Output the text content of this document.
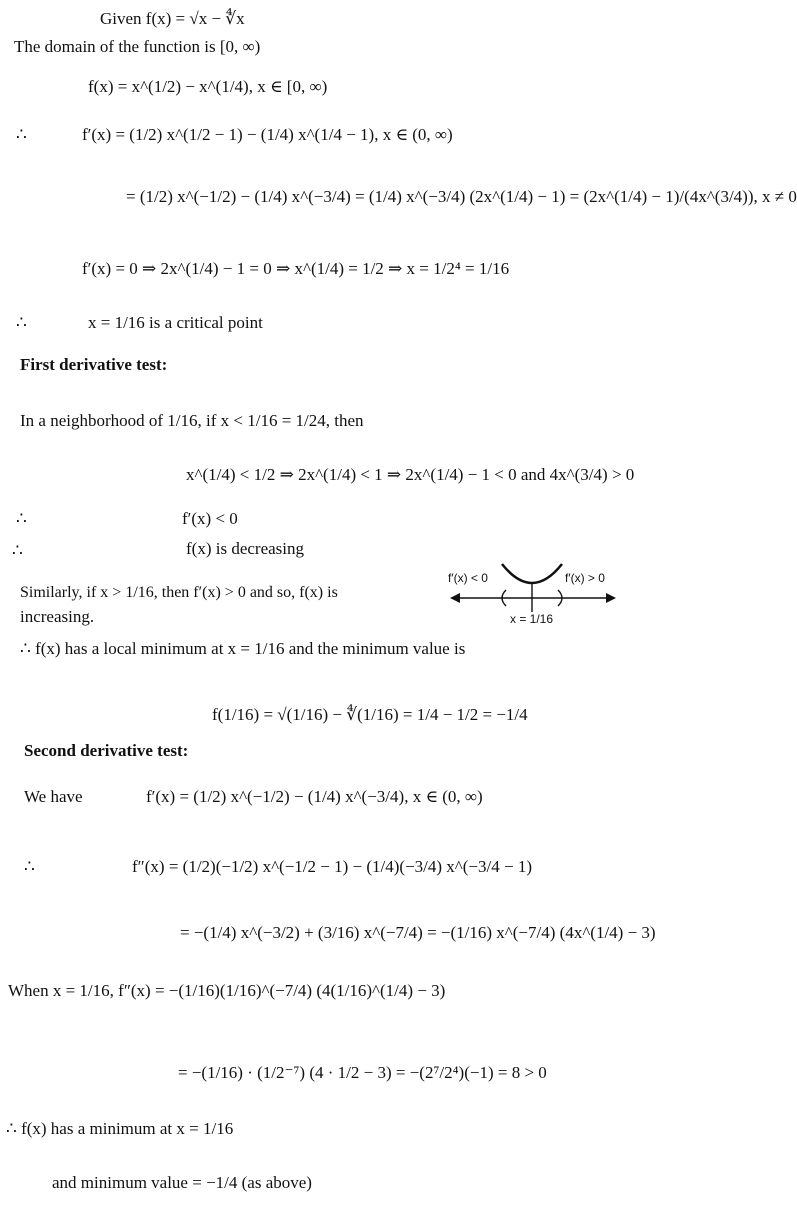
Given f(x) = √x − ∜x
The domain of the function is [0, ∞)
f(x) = x^(1/2) − x^(1/4), x ∈ [0, ∞)
∴	f′(x) = (1/2) x^(1/2 − 1) − (1/4) x^(1/4 − 1), x ∈ (0, ∞)
= (1/2) x^(−1/2) − (1/4) x^(−3/4) = (1/4) x^(−3/4) (2x^(1/4) − 1) = (2x^(1/4) − 1)/(4x^(3/4)), x ≠ 0
f′(x) = 0 ⇒ 2x^(1/4) − 1 = 0 ⇒ x^(1/4) = 1/2 ⇒ x = 1/2⁴ = 1/16
∴	x = 1/16 is a critical point
First derivative test:
In a neighborhood of 1/16, if x < 1/16 = 1/24, then
x^(1/4) < 1/2 ⇒ 2x^(1/4) < 1 ⇒ 2x^(1/4) − 1 < 0 and 4x^(3/4) > 0
∴	f′(x) < 0
∴	f(x) is decreasing
Similarly, if x > 1/16, then f′(x) > 0 and so, f(x) is
increasing.
f′(x) < 0	f′(x) > 0
x = 1/16
∴ f(x) has a local minimum at x = 1/16 and the minimum value is
f(1/16) = √(1/16) − ∜(1/16) = 1/4 − 1/2 = −1/4
Second derivative test:
We have	f′(x) = (1/2) x^(−1/2) − (1/4) x^(−3/4), x ∈ (0, ∞)
∴	f″(x) = (1/2)(−1/2) x^(−1/2 − 1) − (1/4)(−3/4) x^(−3/4 − 1)
= −(1/4) x^(−3/2) + (3/16) x^(−7/4) = −(1/16) x^(−7/4) (4x^(1/4) − 3)
When x = 1/16, f″(x) = −(1/16)(1/16)^(−7/4) (4(1/16)^(1/4) − 3)
= −(1/16) · (1/2⁻⁷) (4 · 1/2 − 3) = −(2⁷/2⁴)(−1) = 8 > 0
∴ f(x) has a minimum at x = 1/16
and minimum value = −1/4 (as above)
